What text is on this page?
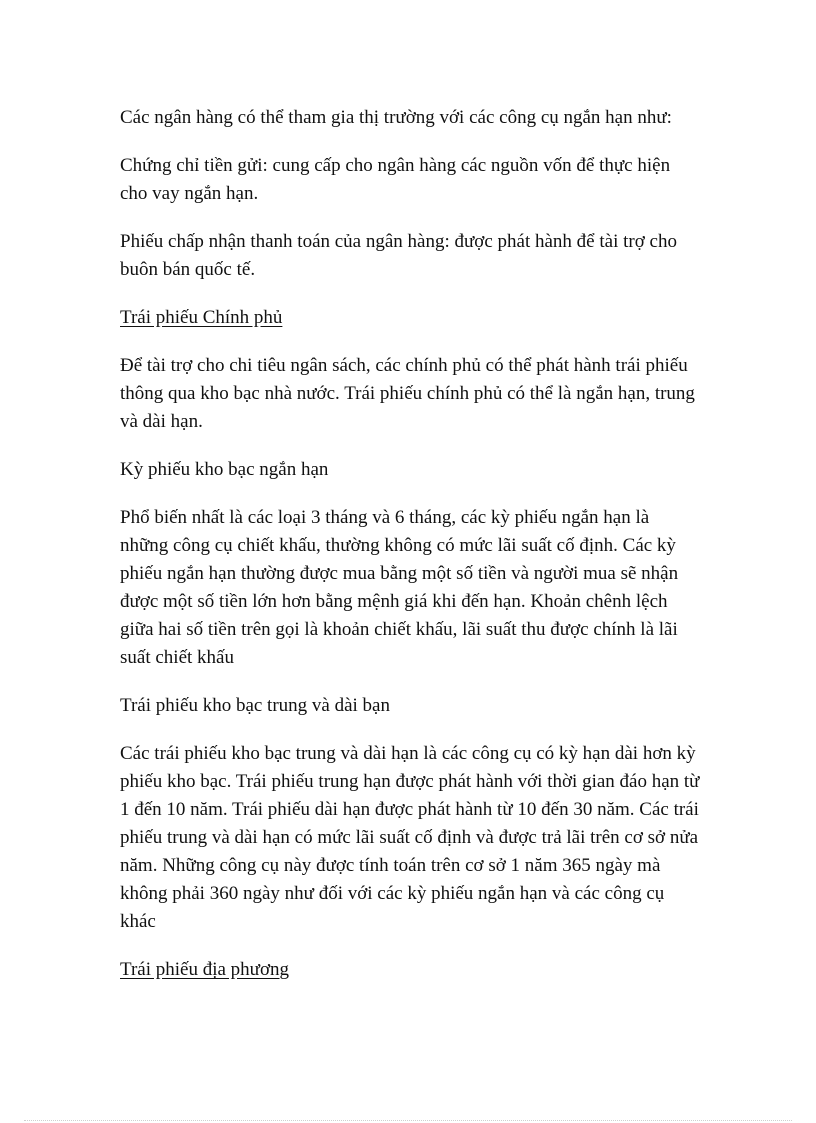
Các ngân hàng có thể tham gia thị trường với các công cụ ngắn hạn như:

Chứng chỉ tiền gửi: cung cấp cho ngân hàng các nguồn vốn để thực hiện cho vay ngắn hạn.

Phiếu chấp nhận thanh toán của ngân hàng: được phát hành để tài trợ cho buôn bán quốc tế.

Trái phiếu Chính phủ

Để tài trợ cho chi tiêu ngân sách, các chính phủ có thể phát hành trái phiếu thông qua kho bạc nhà nước. Trái phiếu chính phủ có thể là ngắn hạn, trung và dài hạn.

Kỳ phiếu kho bạc ngắn hạn

Phổ biến nhất là các loại 3 tháng và 6 tháng, các kỳ phiếu ngắn hạn là những công cụ chiết khấu, thường không có mức lãi suất cố định. Các kỳ phiếu ngắn hạn thường được mua bằng một số tiền và người mua sẽ nhận được một số tiền lớn hơn bằng mệnh giá khi đến hạn. Khoản chênh lệch giữa hai số tiền trên gọi là khoản chiết khấu, lãi suất thu được chính là lãi suất chiết khấu

Trái phiếu kho bạc trung và dài bạn

Các trái phiếu kho bạc trung và dài hạn là các công cụ có kỳ hạn dài hơn kỳ phiếu kho bạc. Trái phiếu trung hạn được phát hành với thời gian đáo hạn từ 1 đến 10 năm. Trái phiếu dài hạn được phát hành từ 10 đến 30 năm. Các trái phiếu trung và dài hạn có mức lãi suất cố định và được trả lãi trên cơ sở nửa năm. Những công cụ này được tính toán trên cơ sở 1 năm 365 ngày mà không phải 360 ngày như đối với các kỳ phiếu ngắn hạn và các công cụ khác

Trái phiếu địa phương
